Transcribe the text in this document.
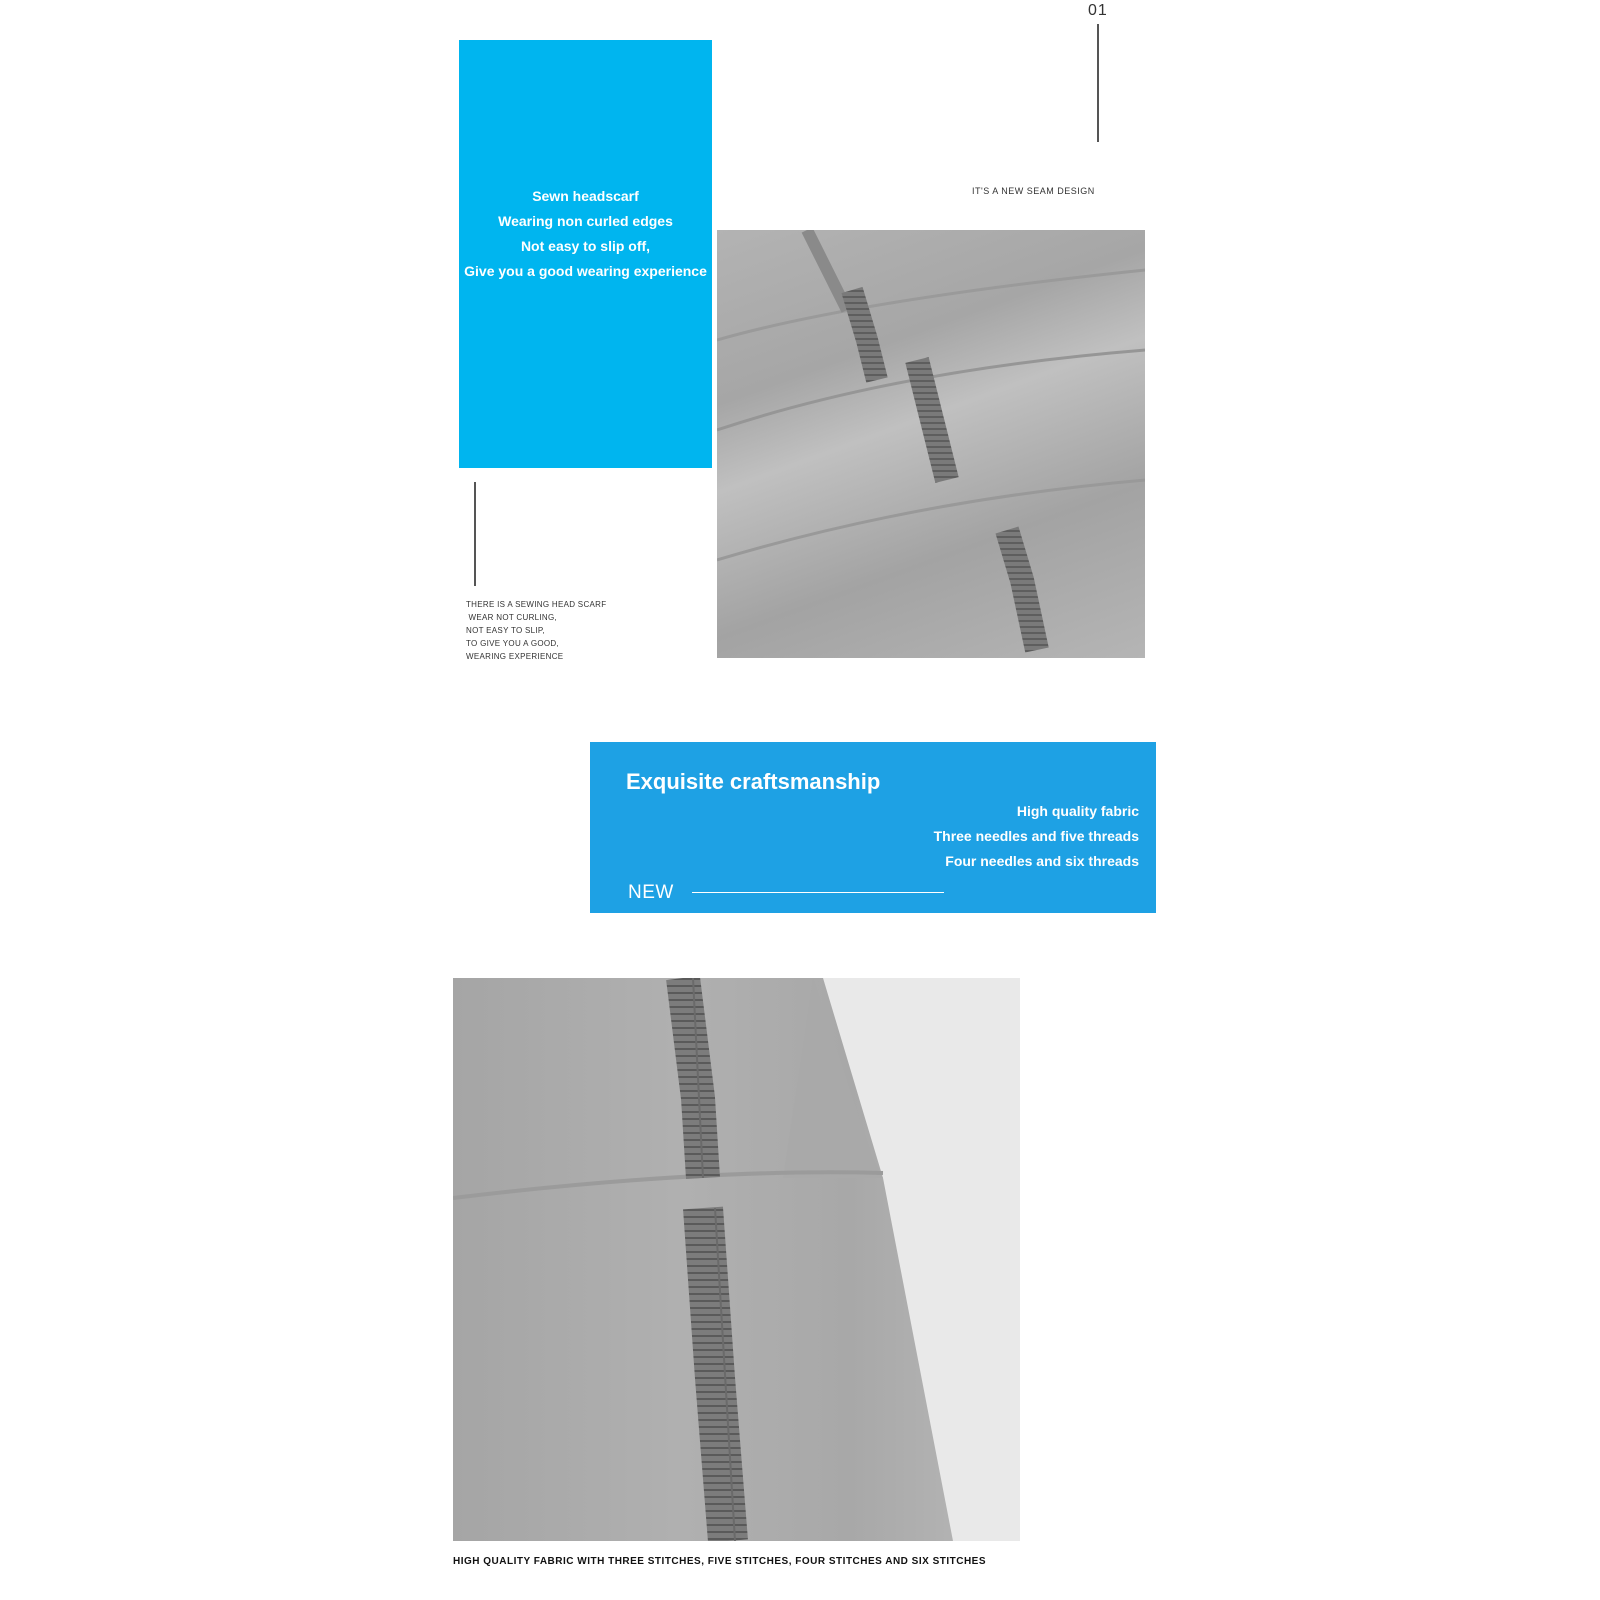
01
IT'S A NEW SEAM DESIGN
Sewn headscarf
Wearing non curled edges
Not easy to slip off,
Give you a good wearing experience
THERE IS A SEWING HEAD SCARF
WEAR NOT CURLING,
NOT EASY TO SLIP,
TO GIVE YOU A GOOD,
WEARING EXPERIENCE
Exquisite craftsmanship
High quality fabric
Three needles and five threads
Four needles and six threads
NEW
HIGH QUALITY FABRIC WITH THREE STITCHES, FIVE STITCHES, FOUR STITCHES AND SIX STITCHES
